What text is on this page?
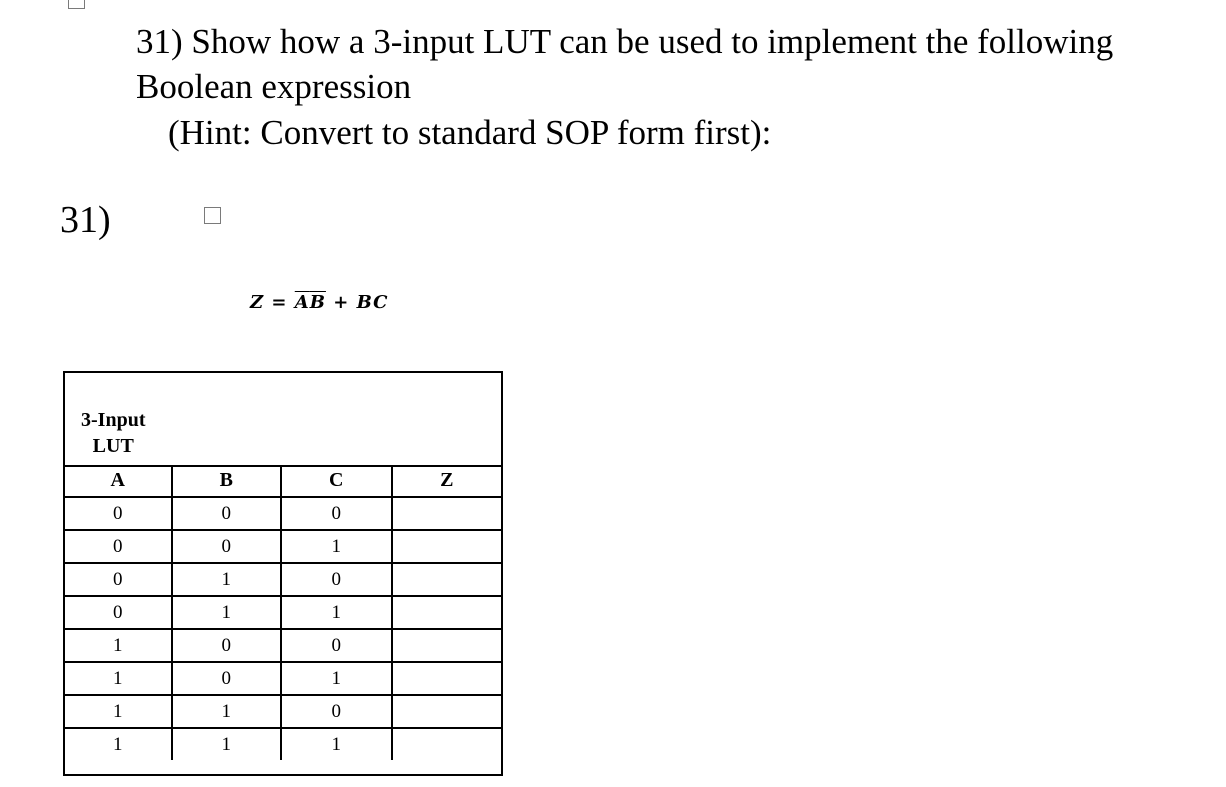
31) Show how a 3-input LUT can be used to implement the following
Boolean expression
(Hint: Convert to standard SOP form first):
31)
$Z = \overline{A}\overline{B}$ + BC
3-Input
LUT
A	B	C	Z
0	0	0	
0	0	1	
0	1	0	
0	1	1	
1	0	0	
1	0	1	
1	1	0	
1	1	1	
